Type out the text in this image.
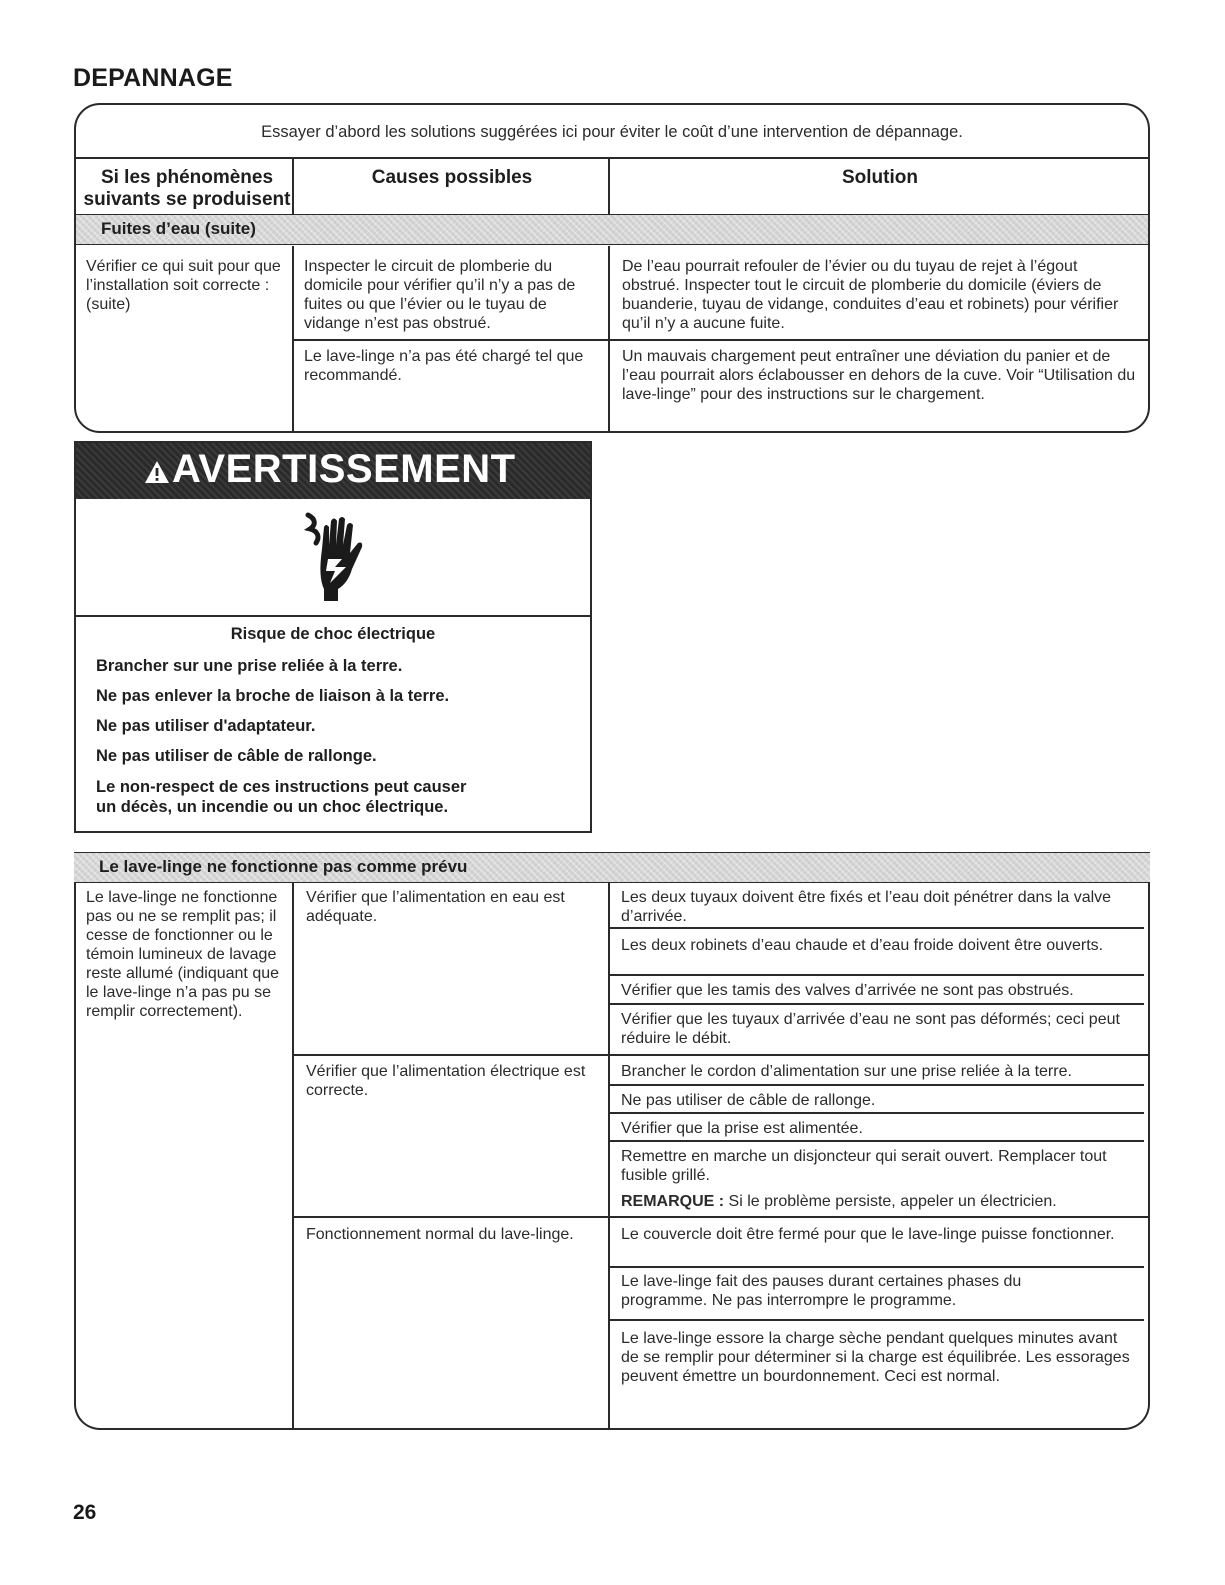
DEPANNAGE
Essayer d’abord les solutions suggérées ici pour éviter le coût d’une intervention de dépannage.
Si les phénomènes
suivants se produisent
Causes possibles	Solution
Fuites d’eau (suite)
Vérifier ce qui suit pour que l’installation soit correcte : (suite)
Inspecter le circuit de plomberie du domicile pour vérifier qu’il n’y a pas de fuites ou que l’évier ou le tuyau de vidange n’est pas obstrué.
De l’eau pourrait refouler de l’évier ou du tuyau de rejet à l’égout obstrué. Inspecter tout le circuit de plomberie du domicile (éviers de buanderie, tuyau de vidange, conduites d’eau et robinets) pour vérifier qu’il n’y a aucune fuite.
Le lave-linge n’a pas été chargé tel que recommandé.
Un mauvais chargement peut entraîner une déviation du panier et de l’eau pourrait alors éclabousser en dehors de la cuve. Voir “Utilisation du lave-linge” pour des instructions sur le chargement.
AVERTISSEMENT
Risque de choc électrique
Brancher sur une prise reliée à la terre.
Ne pas enlever la broche de liaison à la terre.
Ne pas utiliser d'adaptateur.
Ne pas utiliser de câble de rallonge.
Le non-respect de ces instructions peut causer
un décès, un incendie ou un choc électrique.
Le lave-linge ne fonctionne pas comme prévu
Le lave-linge ne fonctionne pas ou ne se remplit pas; il cesse de fonctionner ou le témoin lumineux de lavage reste allumé (indiquant que le lave-linge n’a pas pu se remplir correctement).
Vérifier que l’alimentation en eau est adéquate.
Vérifier que l’alimentation électrique est correcte.
Fonctionnement normal du lave-linge.
Les deux tuyaux doivent être fixés et l’eau doit pénétrer dans la valve d’arrivée.
Les deux robinets d’eau chaude et d’eau froide doivent être ouverts.
Vérifier que les tamis des valves d’arrivée ne sont pas obstrués.
Vérifier que les tuyaux d’arrivée d’eau ne sont pas déformés; ceci peut réduire le débit.
Brancher le cordon d’alimentation sur une prise reliée à la terre.
Ne pas utiliser de câble de rallonge.
Vérifier que la prise est alimentée.
Remettre en marche un disjoncteur qui serait ouvert. Remplacer tout fusible grillé.
REMARQUE : Si le problème persiste, appeler un électricien.
Le couvercle doit être fermé pour que le lave-linge puisse fonctionner.
Le lave-linge fait des pauses durant certaines phases du programme. Ne pas interrompre le programme.
Le lave-linge essore la charge sèche pendant quelques minutes avant de se remplir pour déterminer si la charge est équilibrée. Les essorages peuvent émettre un bourdonnement. Ceci est normal.
26
